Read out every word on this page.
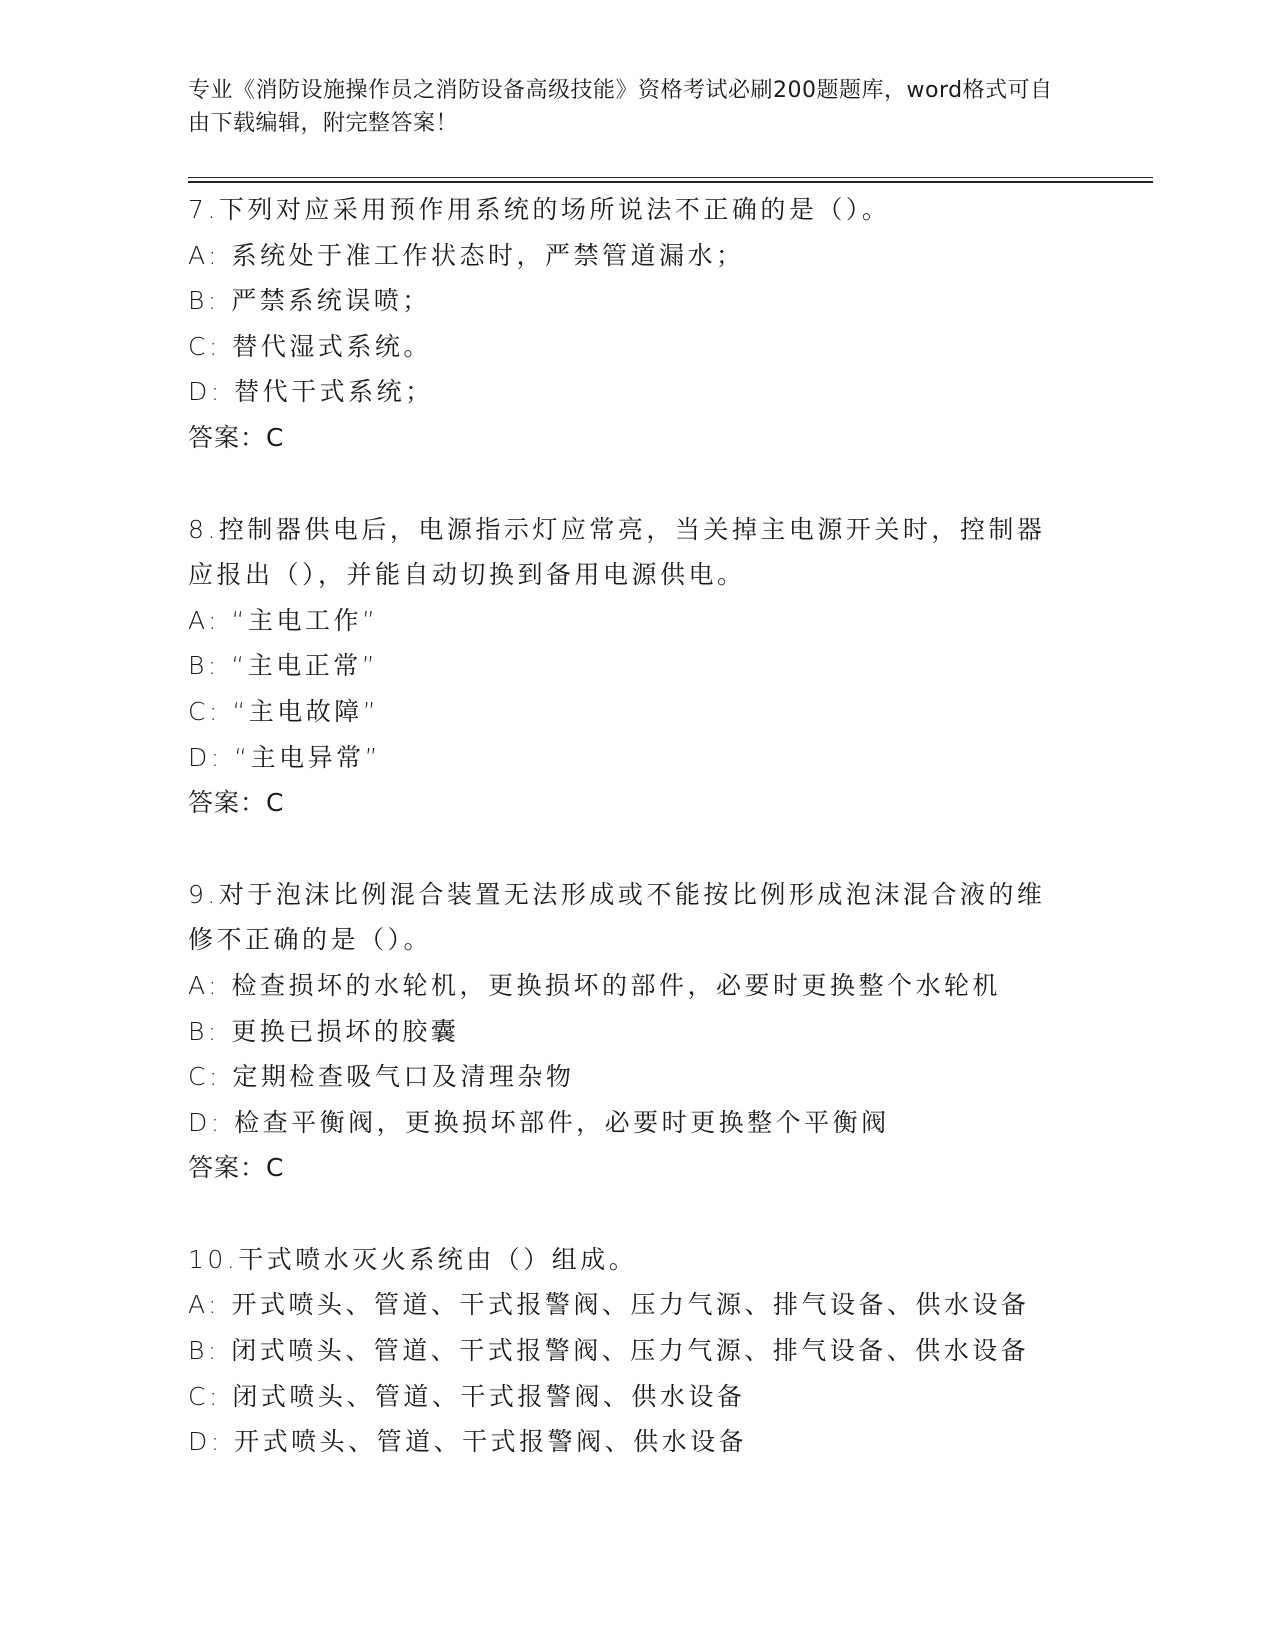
专业《消防设施操作员之消防设备高级技能》资格考试必刷200题题库，word格式可自由下载编辑，附完整答案！
7.下列对应采用预作用系统的场所说法不正确的是（）。
A: 系统处于准工作状态时，严禁管道漏水；
B: 严禁系统误喷；
C: 替代湿式系统。
D: 替代干式系统；
答案：C
8.控制器供电后，电源指示灯应常亮，当关掉主电源开关时，控制器应报出（），并能自动切换到备用电源供电。
A: “主电工作”
B: “主电正常”
C: “主电故障”
D: “主电异常”
答案：C
9.对于泡沫比例混合装置无法形成或不能按比例形成泡沫混合液的维修不正确的是（）。
A: 检查损坏的水轮机，更换损坏的部件，必要时更换整个水轮机
B: 更换已损坏的胶囊
C: 定期检查吸气口及清理杂物
D: 检查平衡阀，更换损坏部件，必要时更换整个平衡阀
答案：C
10.干式喷水灭火系统由（）组成。
A: 开式喷头、管道、干式报警阀、压力气源、排气设备、供水设备
B: 闭式喷头、管道、干式报警阀、压力气源、排气设备、供水设备
C: 闭式喷头、管道、干式报警阀、供水设备
D: 开式喷头、管道、干式报警阀、供水设备
